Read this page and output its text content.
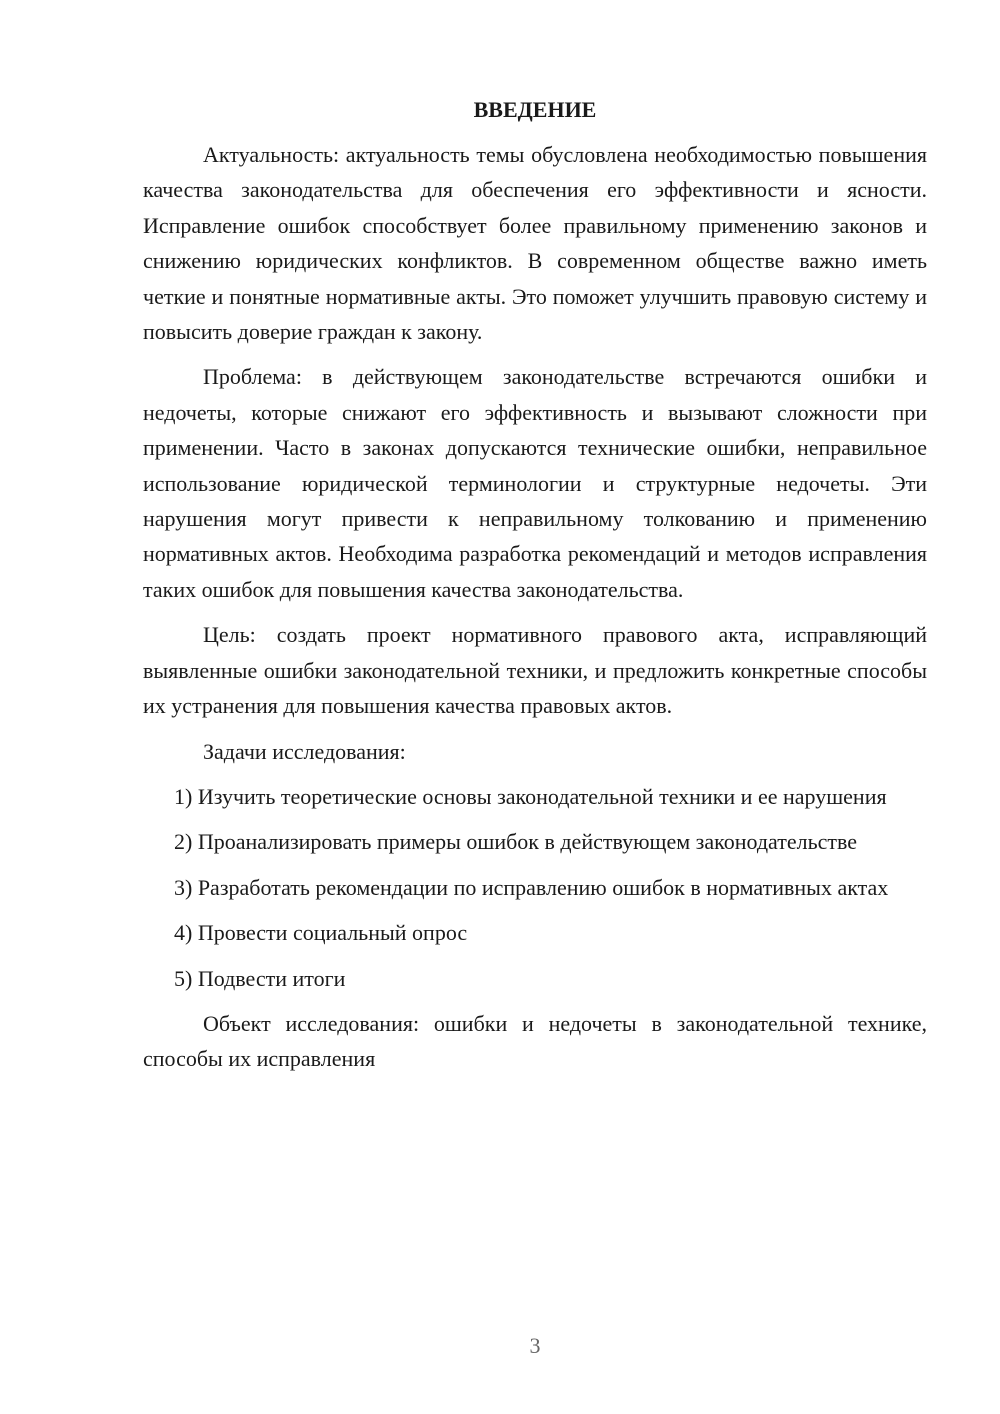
ВВЕДЕНИЕ

Актуальность: актуальность темы обусловлена необходимостью повышения качества законодательства для обеспечения его эффективности и ясности. Исправление ошибок способствует более правильному применению законов и снижению юридических конфликтов. В современном обществе важно иметь четкие и понятные нормативные акты. Это поможет улучшить правовую систему и повысить доверие граждан к закону.

Проблема: в действующем законодательстве встречаются ошибки и недочеты, которые снижают его эффективность и вызывают сложности при применении. Часто в законах допускаются технические ошибки, неправильное использование юридической терминологии и структурные недочеты. Эти нарушения могут привести к неправильному толкованию и применению нормативных актов. Необходима разработка рекомендаций и методов исправления таких ошибок для повышения качества законодательства.

Цель: создать проект нормативного правового акта, исправляющий выявленные ошибки законодательной техники, и предложить конкретные способы их устранения для повышения качества правовых актов.

Задачи исследования:

1) Изучить теоретические основы законодательной техники и ее нарушения

2) Проанализировать примеры ошибок в действующем законодательстве

3) Разработать рекомендации по исправлению ошибок в нормативных актах

4) Провести социальный опрос

5) Подвести итоги

Объект исследования: ошибки и недочеты в законодательной технике, способы их исправления

3
